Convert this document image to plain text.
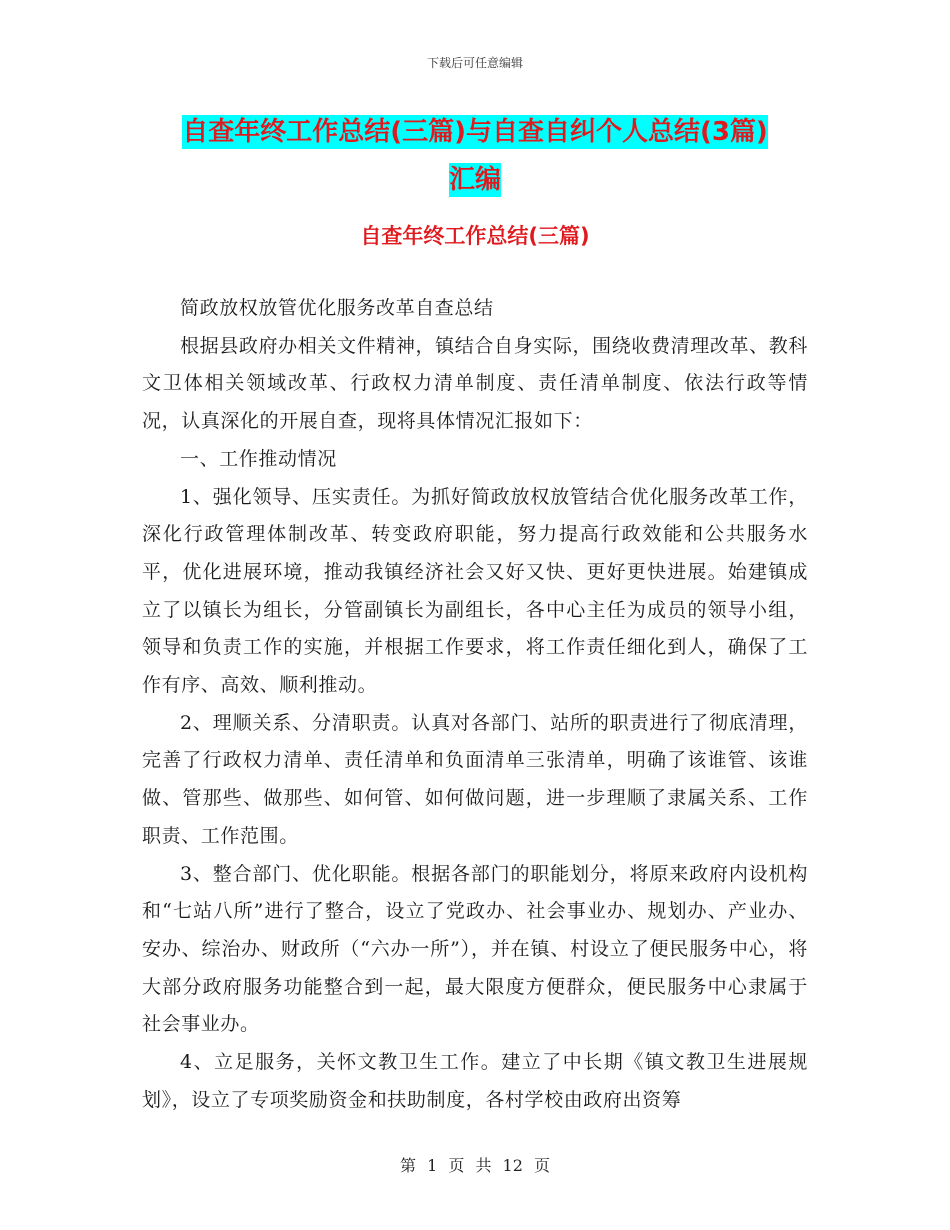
下载后可任意编辑
自查年终工作总结(三篇)与自查自纠个人总结(3篇)
汇编
自查年终工作总结(三篇)

简政放权放管优化服务改革自查总结

根据县政府办相关文件精神，镇结合自身实际，围绕收费清理改革、教科文卫体相关领域改革、行政权力清单制度、责任清单制度、依法行政等情况，认真深化的开展自查，现将具体情况汇报如下：

一、工作推动情况

1、强化领导、压实责任。为抓好简政放权放管结合优化服务改革工作，深化行政管理体制改革、转变政府职能，努力提高行政效能和公共服务水平，优化进展环境，推动我镇经济社会又好又快、更好更快进展。始建镇成立了以镇长为组长，分管副镇长为副组长，各中心主任为成员的领导小组，领导和负责工作的实施，并根据工作要求，将工作责任细化到人，确保了工作有序、高效、顺利推动。

2、理顺关系、分清职责。认真对各部门、站所的职责进行了彻底清理，完善了行政权力清单、责任清单和负面清单三张清单，明确了该谁管、该谁做、管那些、做那些、如何管、如何做问题，进一步理顺了隶属关系、工作职责、工作范围。

3、整合部门、优化职能。根据各部门的职能划分，将原来政府内设机构和“七站八所”进行了整合，设立了党政办、社会事业办、规划办、产业办、安办、综治办、财政所（“六办一所”），并在镇、村设立了便民服务中心，将大部分政府服务功能整合到一起，最大限度方便群众，便民服务中心隶属于社会事业办。

4、立足服务，关怀文教卫生工作。建立了中长期《镇文教卫生进展规划》，设立了专项奖励资金和扶助制度，各村学校由政府出资筹

第 1 页 共 12 页
